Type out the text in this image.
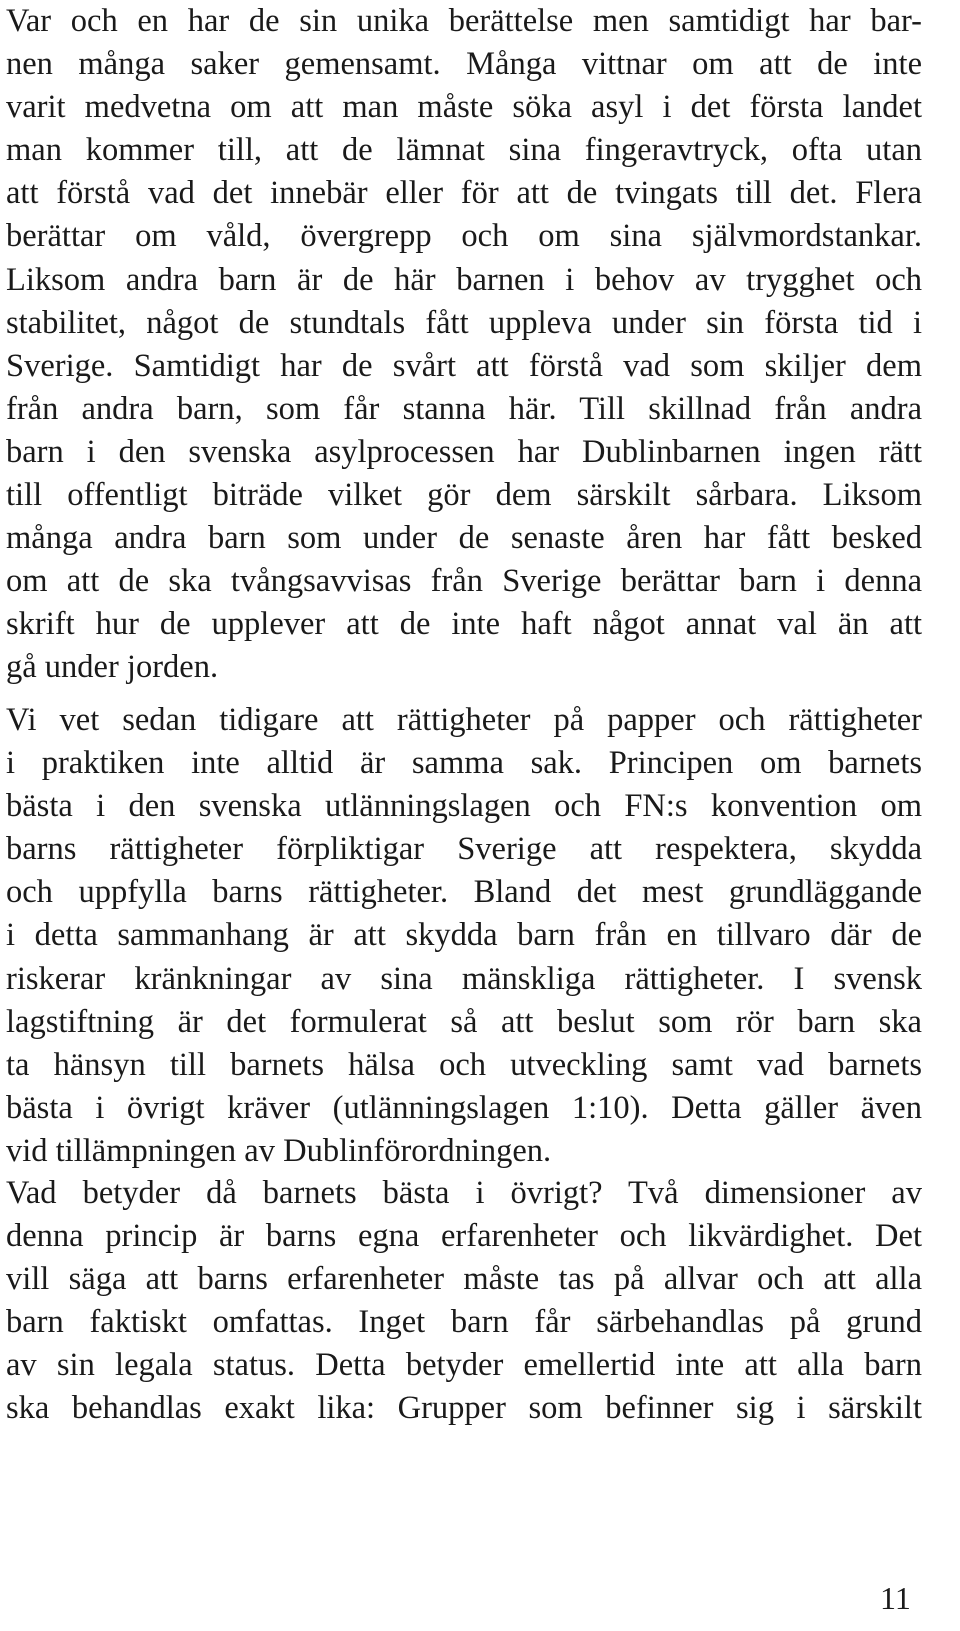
Var och en har de sin unika berättelse men samtidigt har bar-
nen många saker gemensamt. Många vittnar om att de inte
varit medvetna om att man måste söka asyl i det första landet
man kommer till, att de lämnat sina fingeravtryck, ofta utan
att förstå vad det innebär eller för att de tvingats till det. Flera
berättar om våld, övergrepp och om sina självmordstankar.
Liksom andra barn är de här barnen i behov av trygghet och
stabilitet, något de stundtals fått uppleva under sin första tid i
Sverige. Samtidigt har de svårt att förstå vad som skiljer dem
från andra barn, som får stanna här. Till skillnad från andra
barn i den svenska asylprocessen har Dublinbarnen ingen rätt
till offentligt biträde vilket gör dem särskilt sårbara. Liksom
många andra barn som under de senaste åren har fått besked
om att de ska tvångsavvisas från Sverige berättar barn i denna
skrift hur de upplever att de inte haft något annat val än att
gå under jorden.

Vi vet sedan tidigare att rättigheter på papper och rättigheter
i praktiken inte alltid är samma sak. Principen om barnets
bästa i den svenska utlänningslagen och FN:s konvention om
barns rättigheter förpliktigar Sverige att respektera, skydda
och uppfylla barns rättigheter. Bland det mest grundläggande
i detta sammanhang är att skydda barn från en tillvaro där de
riskerar kränkningar av sina mänskliga rättigheter. I svensk
lagstiftning är det formulerat så att beslut som rör barn ska
ta hänsyn till barnets hälsa och utveckling samt vad barnets
bästa i övrigt kräver (utlänningslagen 1:10). Detta gäller även
vid tillämpningen av Dublinförordningen.

Vad betyder då barnets bästa i övrigt? Två dimensioner av
denna princip är barns egna erfarenheter och likvärdighet. Det
vill säga att barns erfarenheter måste tas på allvar och att alla
barn faktiskt omfattas. Inget barn får särbehandlas på grund
av sin legala status. Detta betyder emellertid inte att alla barn
ska behandlas exakt lika: Grupper som befinner sig i särskilt

11
